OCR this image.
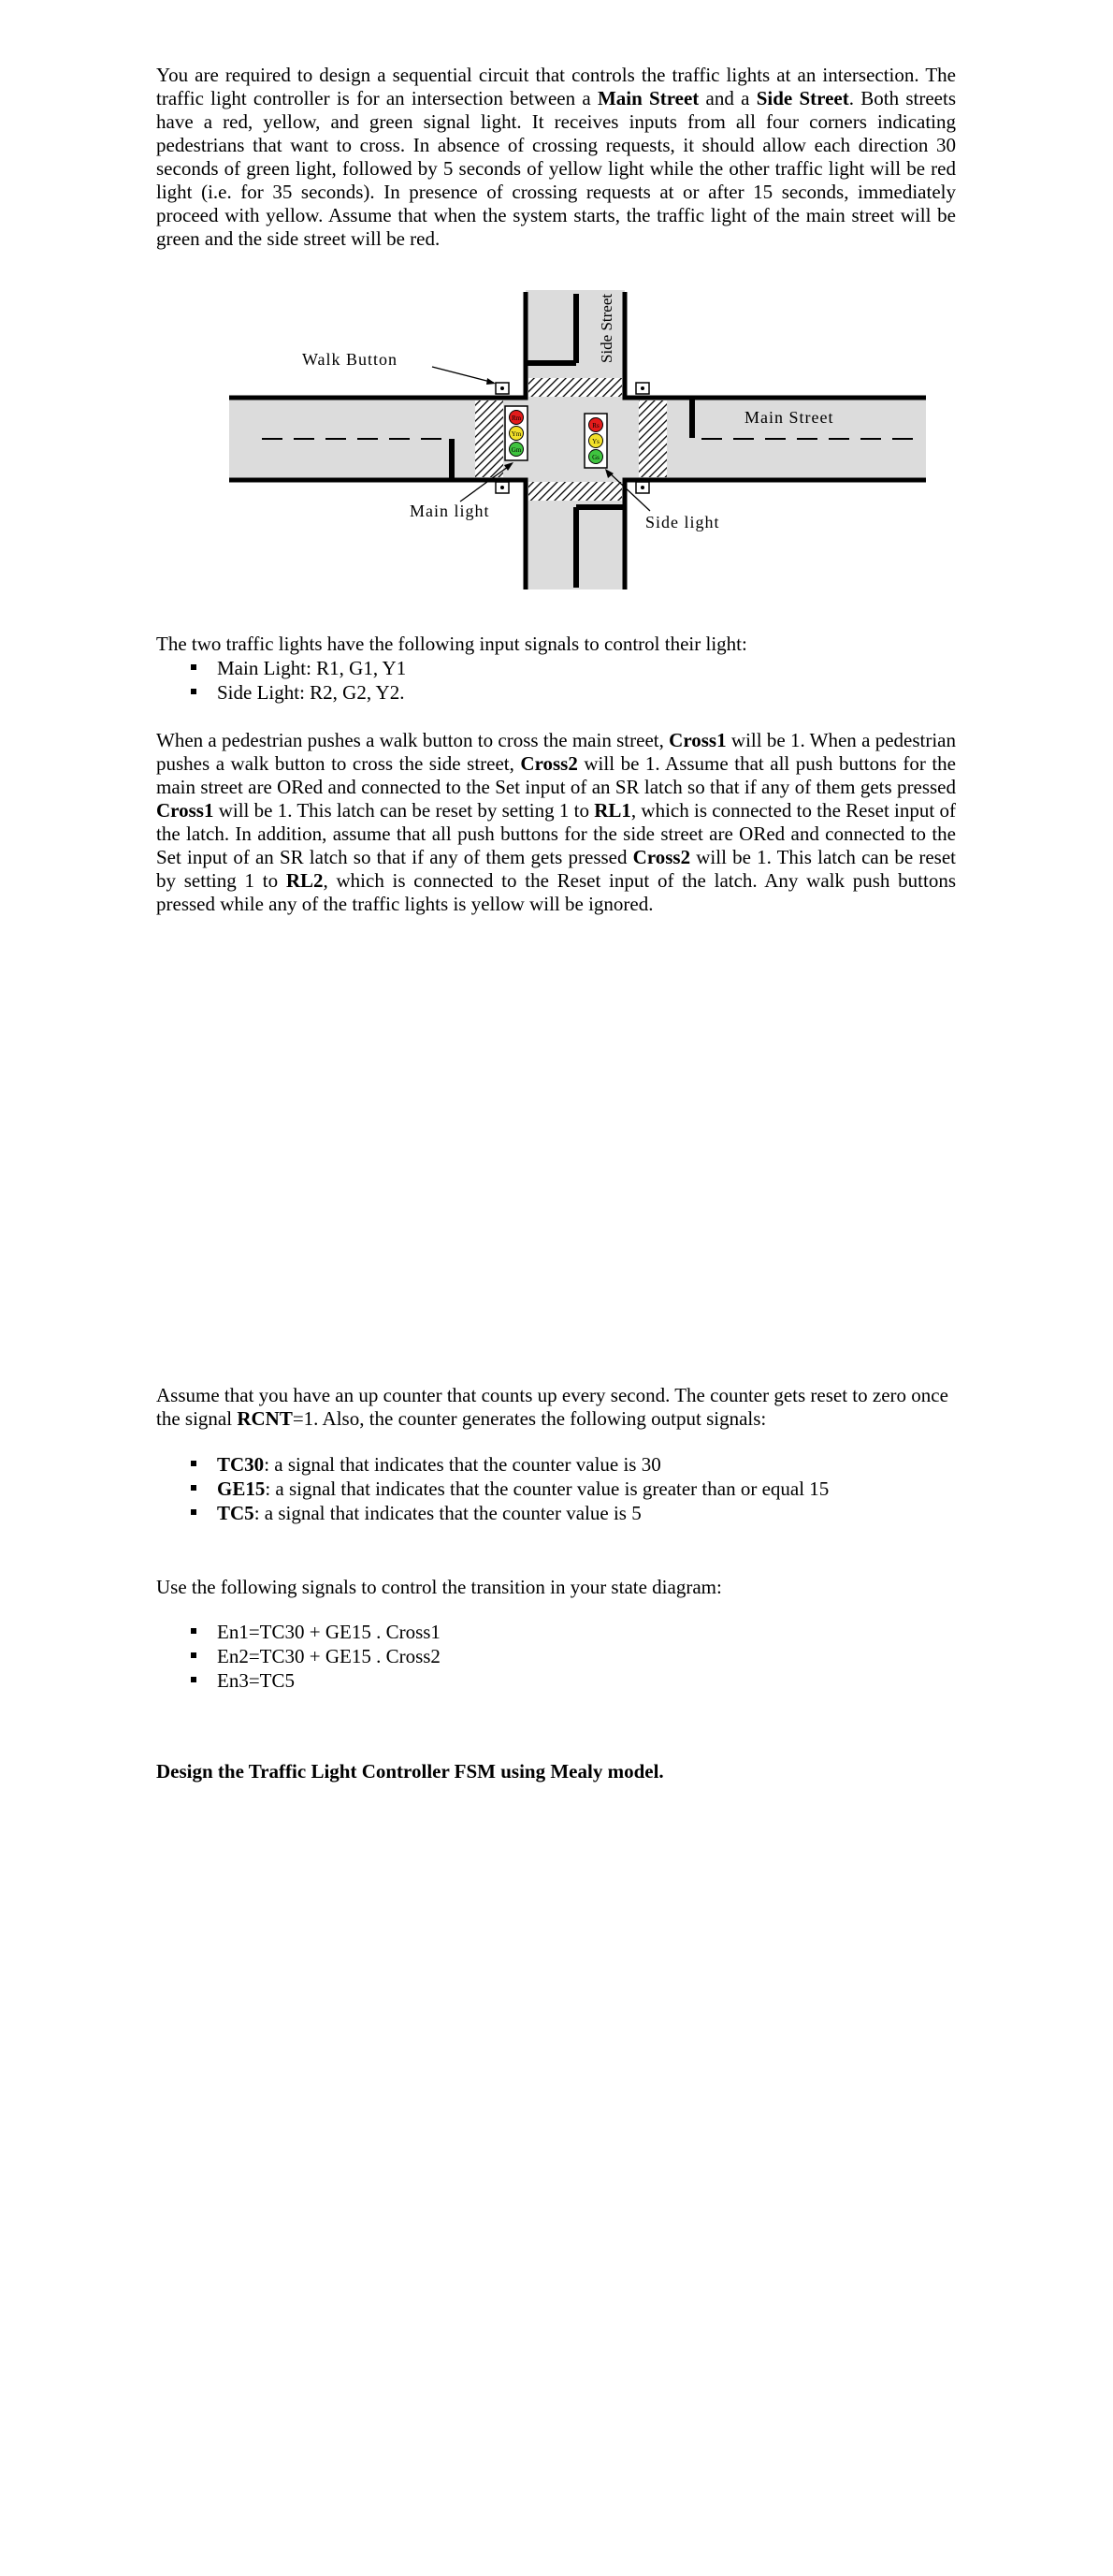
You are required to design a sequential circuit that controls the traffic lights at an intersection. The traffic light controller is for an intersection between a Main Street and a Side Street. Both streets have a red, yellow, and green signal light. It receives inputs from all four corners indicating pedestrians that want to cross. In absence of crossing requests, it should allow each direction 30 seconds of green light, followed by 5 seconds of yellow light while the other traffic light will be red light (i.e. for 35 seconds). In presence of crossing requests at or after 15 seconds, immediately proceed with yellow. Assume that when the system starts, the traffic light of the main street will be green and the side street will be red.

Rm
Ym
Gm
Rs
Ys
Gs
Walk Button
Main Street
Side Street
Main light
Side light

The two traffic lights have the following input signals to control their light:

Main Light: R1, G1, Y1
Side Light: R2, G2, Y2.

When a pedestrian pushes a walk button to cross the main street, Cross1 will be 1. When a pedestrian pushes a walk button to cross the side street, Cross2 will be 1. Assume that all push buttons for the main street are ORed and connected to the Set input of an SR latch so that if any of them gets pressed Cross1 will be 1. This latch can be reset by setting 1 to RL1, which is connected to the Reset input of the latch. In addition, assume that all push buttons for the side street are ORed and connected to the Set input of an SR latch so that if any of them gets pressed Cross2 will be 1. This latch can be reset by setting 1 to RL2, which is connected to the Reset input of the latch. Any walk push buttons pressed while any of the traffic lights is yellow will be ignored.

Assume that you have an up counter that counts up every second. The counter gets reset to zero once the signal RCNT=1. Also, the counter generates the following output signals:

TC30: a signal that indicates that the counter value is 30
GE15: a signal that indicates that the counter value is greater than or equal 15
TC5: a signal that indicates that the counter value is 5

Use the following signals to control the transition in your state diagram:

En1=TC30 + GE15 . Cross1
En2=TC30 + GE15 . Cross2
En3=TC5

Design the Traffic Light Controller FSM using Mealy model.
